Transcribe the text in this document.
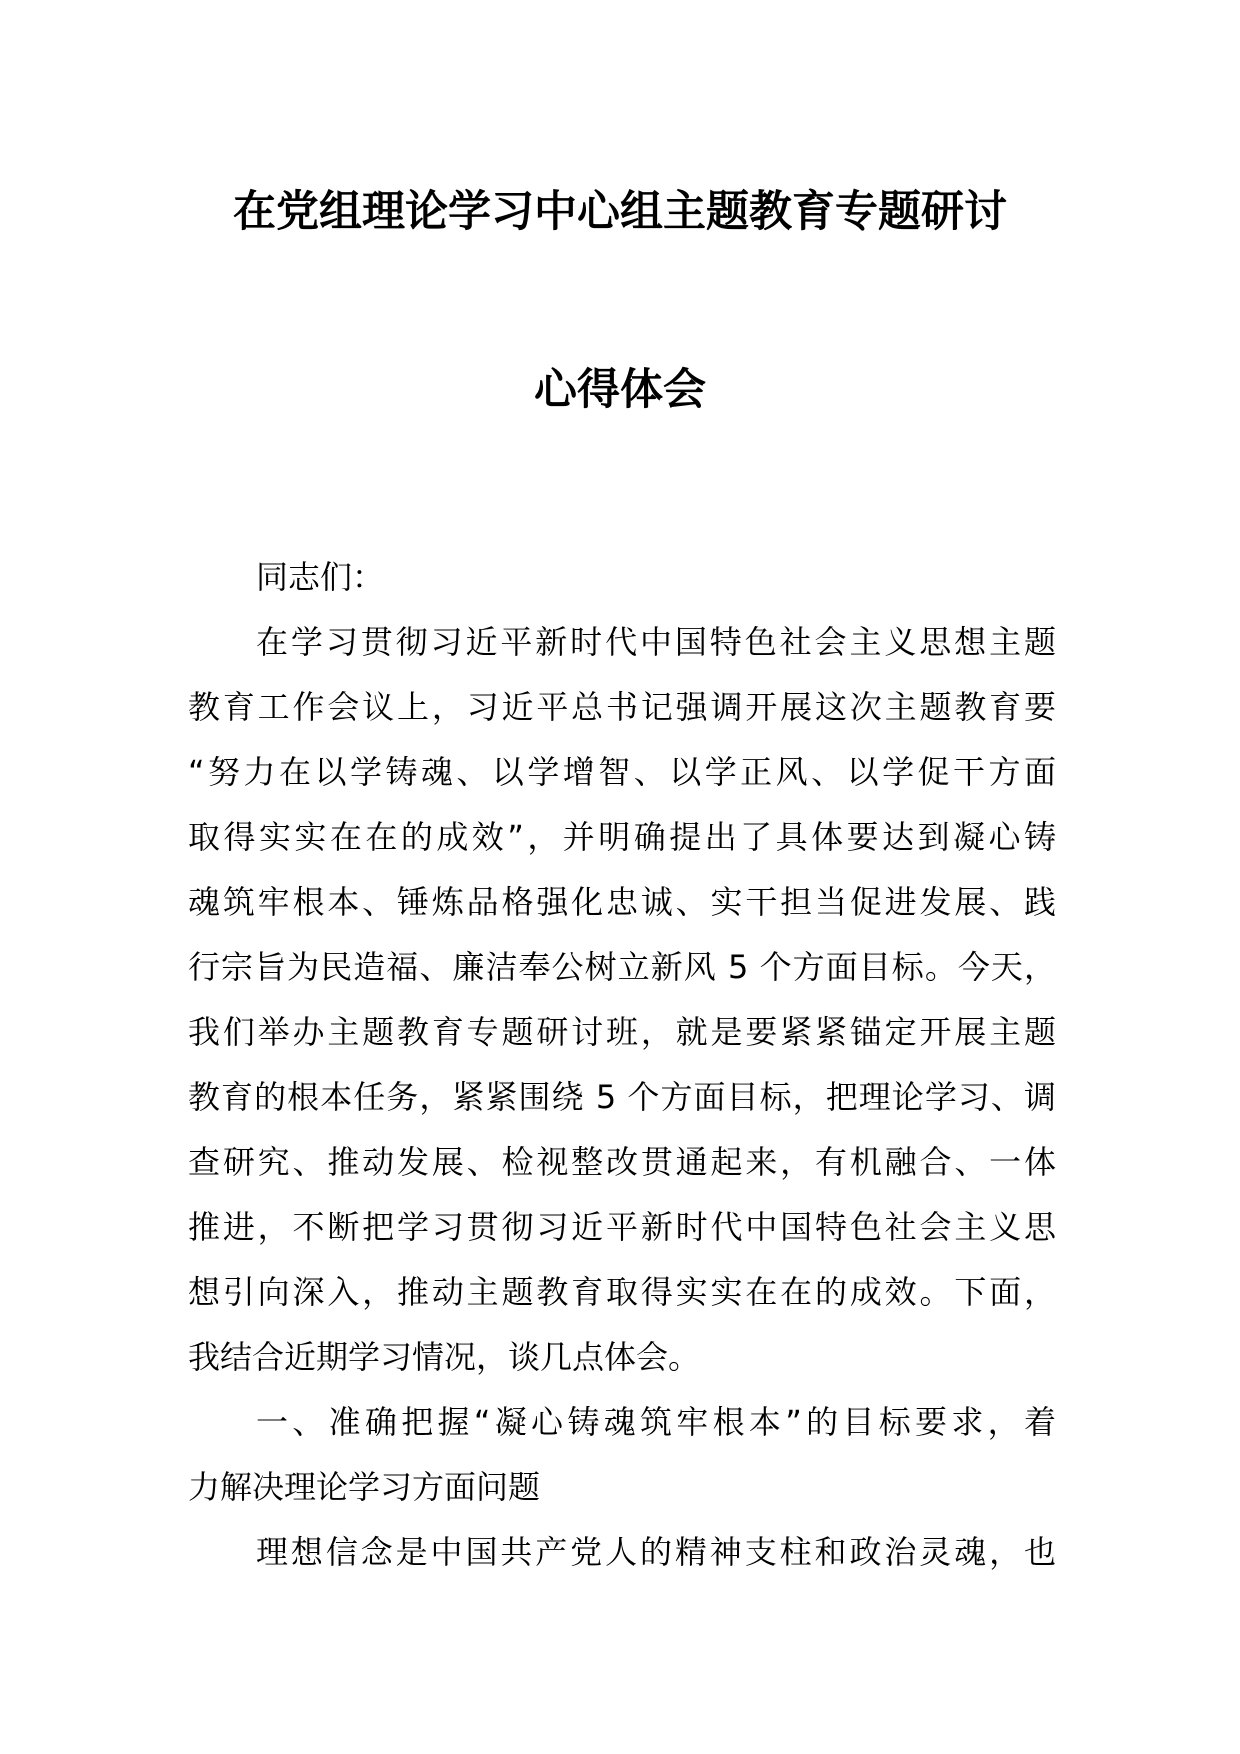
在党组理论学习中心组主题教育专题研讨
心得体会
同志们：
在学习贯彻习近平新时代中国特色社会主义思想主题
教育工作会议上，习近平总书记强调开展这次主题教育要
“努力在以学铸魂、以学增智、以学正风、以学促干方面
取得实实在在的成效”，并明确提出了具体要达到凝心铸
魂筑牢根本、锤炼品格强化忠诚、实干担当促进发展、践
行宗旨为民造福、廉洁奉公树立新风 5 个方面目标。今天，
我们举办主题教育专题研讨班，就是要紧紧锚定开展主题
教育的根本任务，紧紧围绕 5 个方面目标，把理论学习、调
查研究、推动发展、检视整改贯通起来，有机融合、一体
推进，不断把学习贯彻习近平新时代中国特色社会主义思
想引向深入，推动主题教育取得实实在在的成效。下面，
我结合近期学习情况，谈几点体会。
一、准确把握“凝心铸魂筑牢根本”的目标要求，着
力解决理论学习方面问题
理想信念是中国共产党人的精神支柱和政治灵魂，也
